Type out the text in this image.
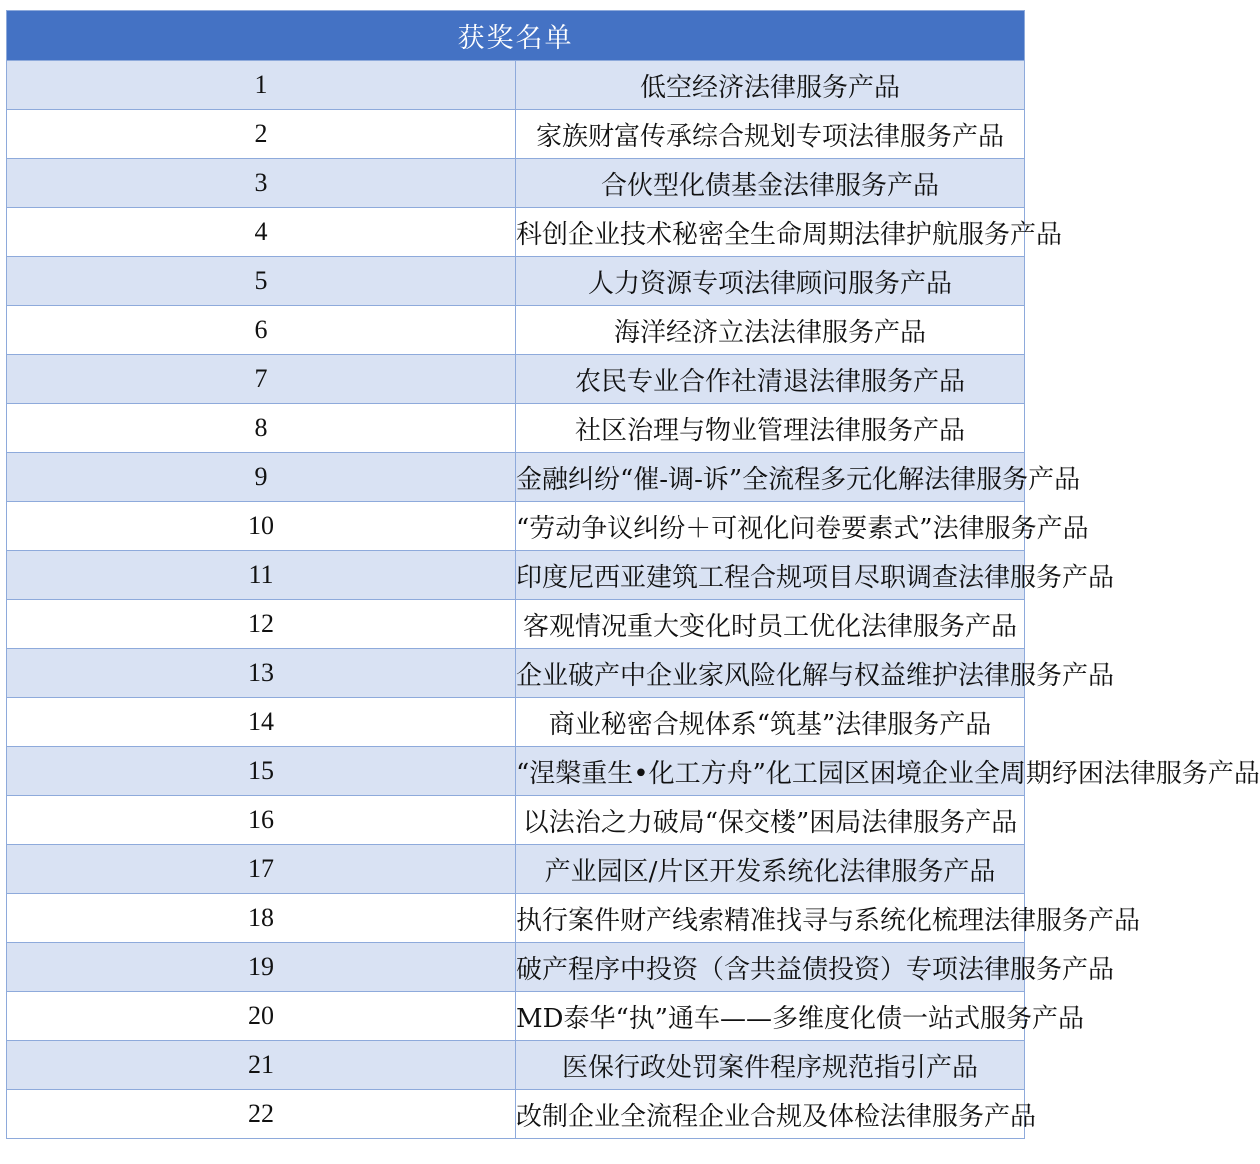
获奖名单	
1	低空经济法律服务产品
2	家族财富传承综合规划专项法律服务产品
3	合伙型化债基金法律服务产品
4	科创企业技术秘密全生命周期法律护航服务产品
5	人力资源专项法律顾问服务产品
6	海洋经济立法法律服务产品
7	农民专业合作社清退法律服务产品
8	社区治理与物业管理法律服务产品
9	金融纠纷“催-调-诉”全流程多元化解法律服务产品
10	“劳动争议纠纷＋可视化问卷要素式”法律服务产品
11	印度尼西亚建筑工程合规项目尽职调查法律服务产品
12	客观情况重大变化时员工优化法律服务产品
13	企业破产中企业家风险化解与权益维护法律服务产品
14	商业秘密合规体系“筑基”法律服务产品
15	“涅槃重生•化工方舟”化工园区困境企业全周期纾困法律服务产品
16	以法治之力破局“保交楼”困局法律服务产品
17	产业园区/片区开发系统化法律服务产品
18	执行案件财产线索精准找寻与系统化梳理法律服务产品
19	破产程序中投资（含共益债投资）专项法律服务产品
20	MD泰华“执”通车——多维度化债一站式服务产品
21	医保行政处罚案件程序规范指引产品
22	改制企业全流程企业合规及体检法律服务产品
